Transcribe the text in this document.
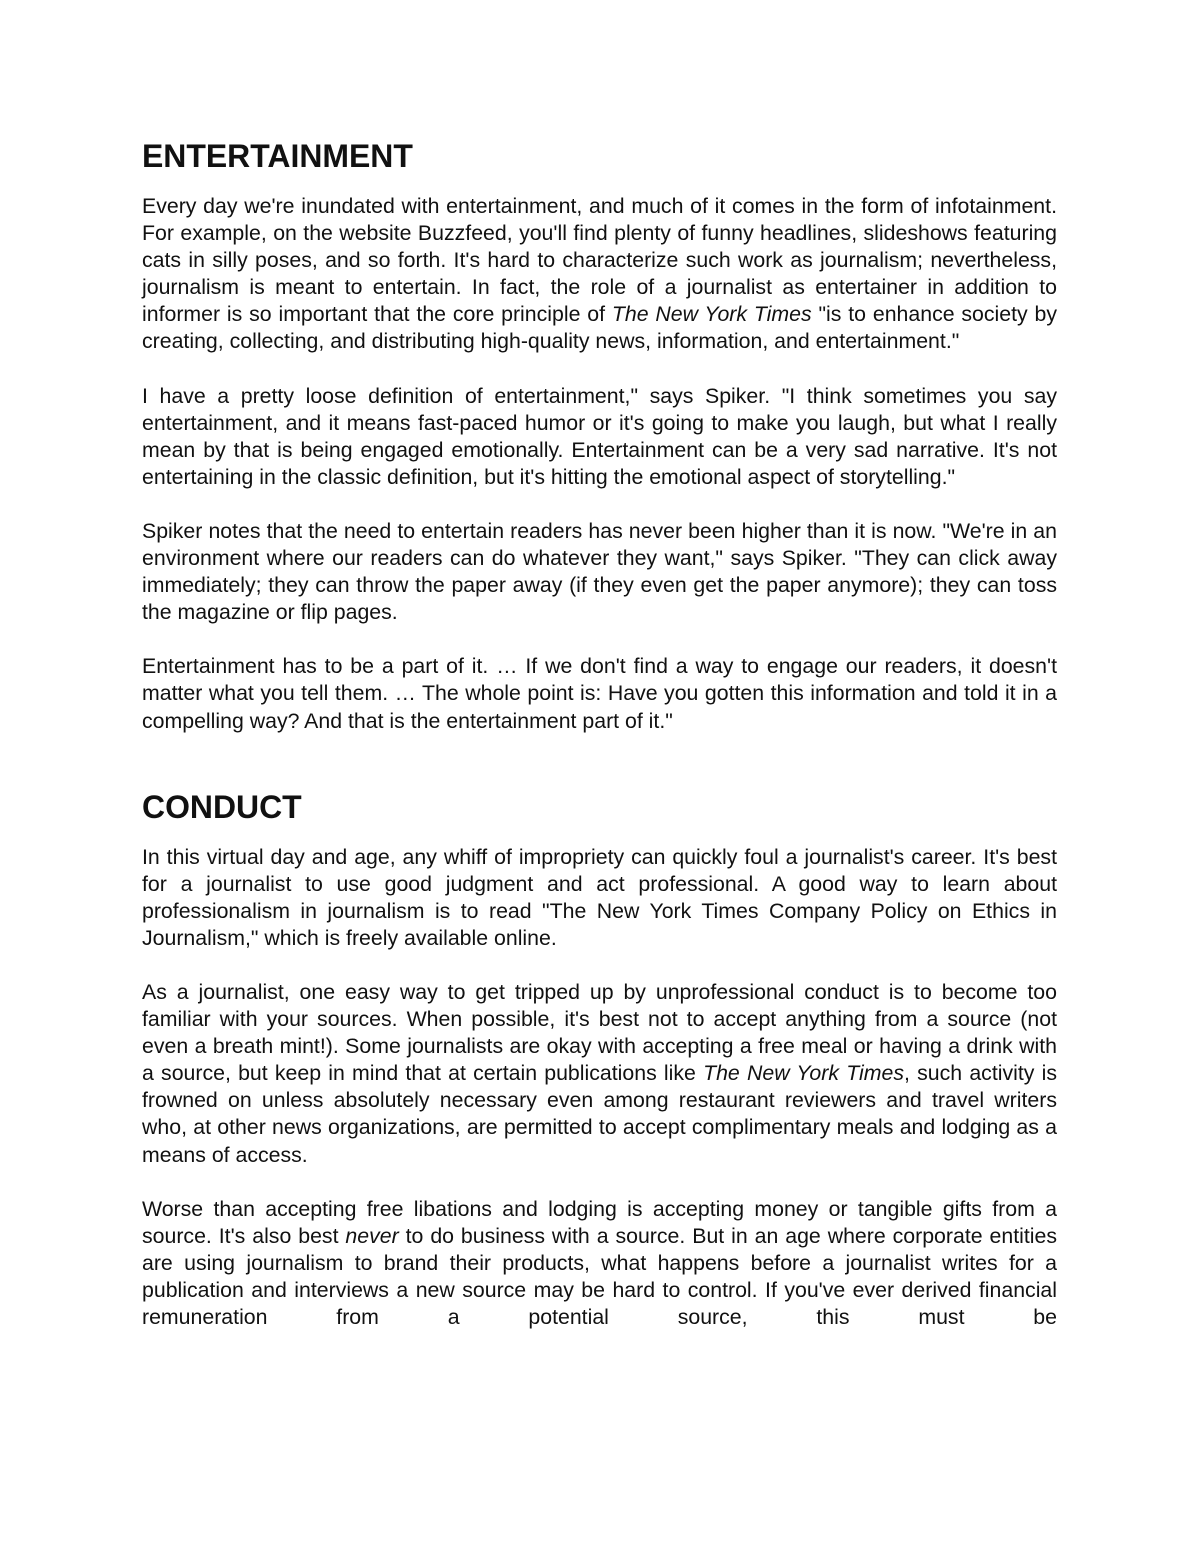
ENTERTAINMENT

Every day we're inundated with entertainment, and much of it comes in the form of infotainment. For example, on the website Buzzfeed, you'll find plenty of funny headlines, slideshows featuring cats in silly poses, and so forth. It's hard to characterize such work as journalism; nevertheless, journalism is meant to entertain. In fact, the role of a journalist as entertainer in addition to informer is so important that the core principle of The New York Times "is to enhance society by creating, collecting, and distributing high-quality news, information, and entertainment."

I have a pretty loose definition of entertainment," says Spiker. "I think sometimes you say entertainment, and it means fast-paced humor or it's going to make you laugh, but what I really mean by that is being engaged emotionally. Entertainment can be a very sad narrative. It's not entertaining in the classic definition, but it's hitting the emotional aspect of storytelling."

Spiker notes that the need to entertain readers has never been higher than it is now. "We're in an environment where our readers can do whatever they want," says Spiker. "They can click away immediately; they can throw the paper away (if they even get the paper anymore); they can toss the magazine or flip pages.

Entertainment has to be a part of it. … If we don't find a way to engage our readers, it doesn't matter what you tell them. … The whole point is: Have you gotten this information and told it in a compelling way? And that is the entertainment part of it."

CONDUCT

In this virtual day and age, any whiff of impropriety can quickly foul a journalist's career. It's best for a journalist to use good judgment and act professional. A good way to learn about professionalism in journalism is to read "The New York Times Company Policy on Ethics in Journalism," which is freely available online.

As a journalist, one easy way to get tripped up by unprofessional conduct is to become too familiar with your sources. When possible, it's best not to accept anything from a source (not even a breath mint!). Some journalists are okay with accepting a free meal or having a drink with a source, but keep in mind that at certain publications like The New York Times, such activity is frowned on unless absolutely necessary even among restaurant reviewers and travel writers who, at other news organizations, are permitted to accept complimentary meals and lodging as a means of access.

Worse than accepting free libations and lodging is accepting money or tangible gifts from a source. It's also best never to do business with a source. But in an age where corporate entities are using journalism to brand their products, what happens before a journalist writes for a publication and interviews a new source may be hard to control. If you've ever derived financial remuneration from a potential source, this must be
